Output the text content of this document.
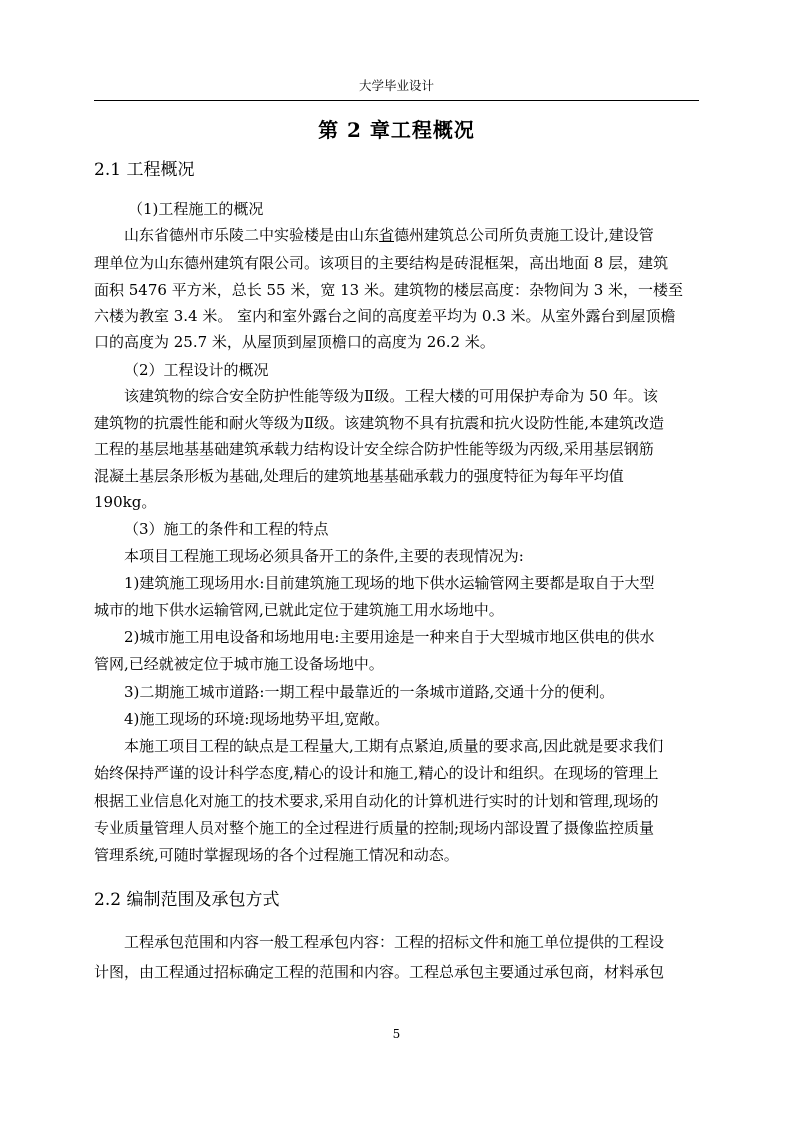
大学毕业设计
第 2 章工程概况
2.1 工程概况
（1)工程施工的概况
山东省德州市乐陵二中实验楼是由山东省德州建筑总公司所负责施工设计,建设管
理单位为山东德州建筑有限公司。该项目的主要结构是砖混框架，高出地面 8 层，建筑
面积 5476 平方米，总长 55 米，宽 13 米。建筑物的楼层高度：杂物间为 3 米，一楼至
六楼为教室 3.4 米。 室内和室外露台之间的高度差平均为 0.3 米。从室外露台到屋顶檐
口的高度为 25.7 米，从屋顶到屋顶檐口的高度为 26.2 米。
（2）工程设计的概况
该建筑物的综合安全防护性能等级为Ⅱ级。工程大楼的可用保护寿命为 50 年。该
建筑物的抗震性能和耐火等级为Ⅱ级。该建筑物不具有抗震和抗火设防性能,本建筑改造
工程的基层地基基础建筑承载力结构设计安全综合防护性能等级为丙级,采用基层钢筋
混凝土基层条形板为基础,处理后的建筑地基基础承载力的强度特征为每年平均值
190kg。
（3）施工的条件和工程的特点
本项目工程施工现场必须具备开工的条件,主要的表现情况为:
1)建筑施工现场用水:目前建筑施工现场的地下供水运输管网主要都是取自于大型
城市的地下供水运输管网,已就此定位于建筑施工用水场地中。
2)城市施工用电设备和场地用电:主要用途是一种来自于大型城市地区供电的供水
管网,已经就被定位于城市施工设备场地中。
3)二期施工城市道路:一期工程中最靠近的一条城市道路,交通十分的便利。
4)施工现场的环境:现场地势平坦,宽敞。
本施工项目工程的缺点是工程量大,工期有点紧迫,质量的要求高,因此就是要求我们
始终保持严谨的设计科学态度,精心的设计和施工,精心的设计和组织。在现场的管理上
根据工业信息化对施工的技术要求,采用自动化的计算机进行实时的计划和管理,现场的
专业质量管理人员对整个施工的全过程进行质量的控制;现场内部设置了摄像监控质量
管理系统,可随时掌握现场的各个过程施工情况和动态。
2.2 编制范围及承包方式
工程承包范围和内容一般工程承包内容：工程的招标文件和施工单位提供的工程设
计图，由工程通过招标确定工程的范围和内容。工程总承包主要通过承包商，材料承包
5
